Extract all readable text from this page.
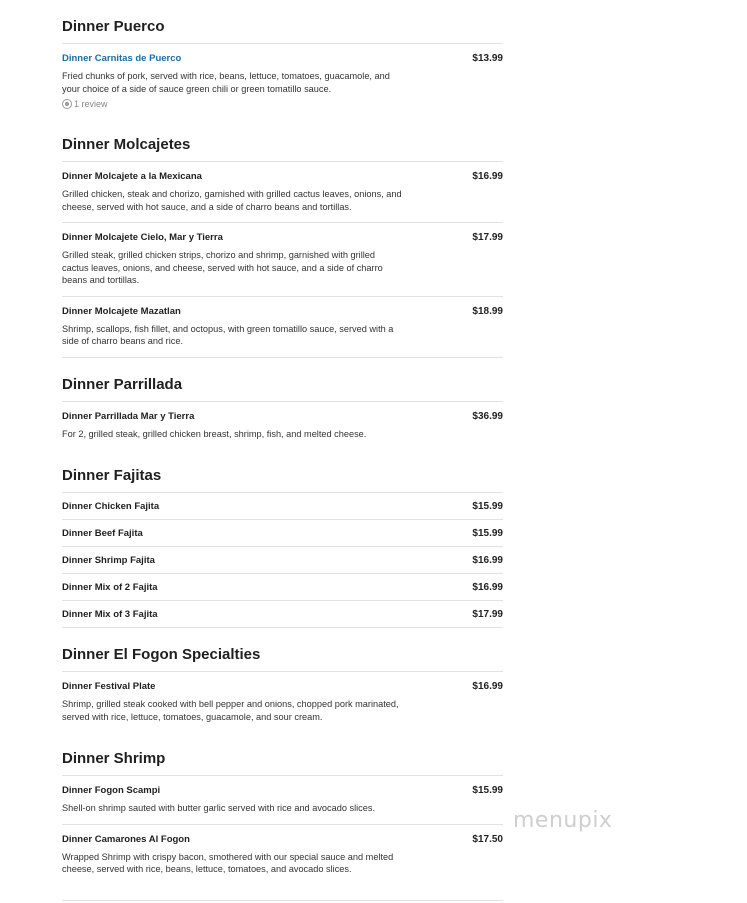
Dinner Puerco
Dinner Carnitas de Puerco	$13.99
Fried chunks of pork, served with rice, beans, lettuce, tomatoes, guacamole, and your choice of a side of sauce green chili or green tomatillo sauce.
1 review
Dinner Molcajetes
Dinner Molcajete a la Mexicana	$16.99
Grilled chicken, steak and chorizo, garnished with grilled cactus leaves, onions, and cheese, served with hot sauce, and a side of charro beans and tortillas.
Dinner Molcajete Cielo, Mar y Tierra	$17.99
Grilled steak, grilled chicken strips, chorizo and shrimp, garnished with grilled cactus leaves, onions, and cheese, served with hot sauce, and a side of charro beans and tortillas.
Dinner Molcajete Mazatlan	$18.99
Shrimp, scallops, fish fillet, and octopus, with green tomatillo sauce, served with a side of charro beans and rice.
Dinner Parrillada
Dinner Parrillada Mar y Tierra	$36.99
For 2, grilled steak, grilled chicken breast, shrimp, fish, and melted cheese.
Dinner Fajitas
Dinner Chicken Fajita	$15.99
Dinner Beef Fajita	$15.99
Dinner Shrimp Fajita	$16.99
Dinner Mix of 2 Fajita	$16.99
Dinner Mix of 3 Fajita	$17.99
Dinner El Fogon Specialties
Dinner Festival Plate	$16.99
Shrimp, grilled steak cooked with bell pepper and onions, chopped pork marinated, served with rice, lettuce, tomatoes, guacamole, and sour cream.
Dinner Shrimp
Dinner Fogon Scampi	$15.99
Shell-on shrimp sauted with butter garlic served with rice and avocado slices.
Dinner Camarones Al Fogon	$17.50
Wrapped Shrimp with crispy bacon, smothered with our special sauce and melted cheese, served with rice, beans, lettuce, tomatoes, and avocado slices.
menupix
